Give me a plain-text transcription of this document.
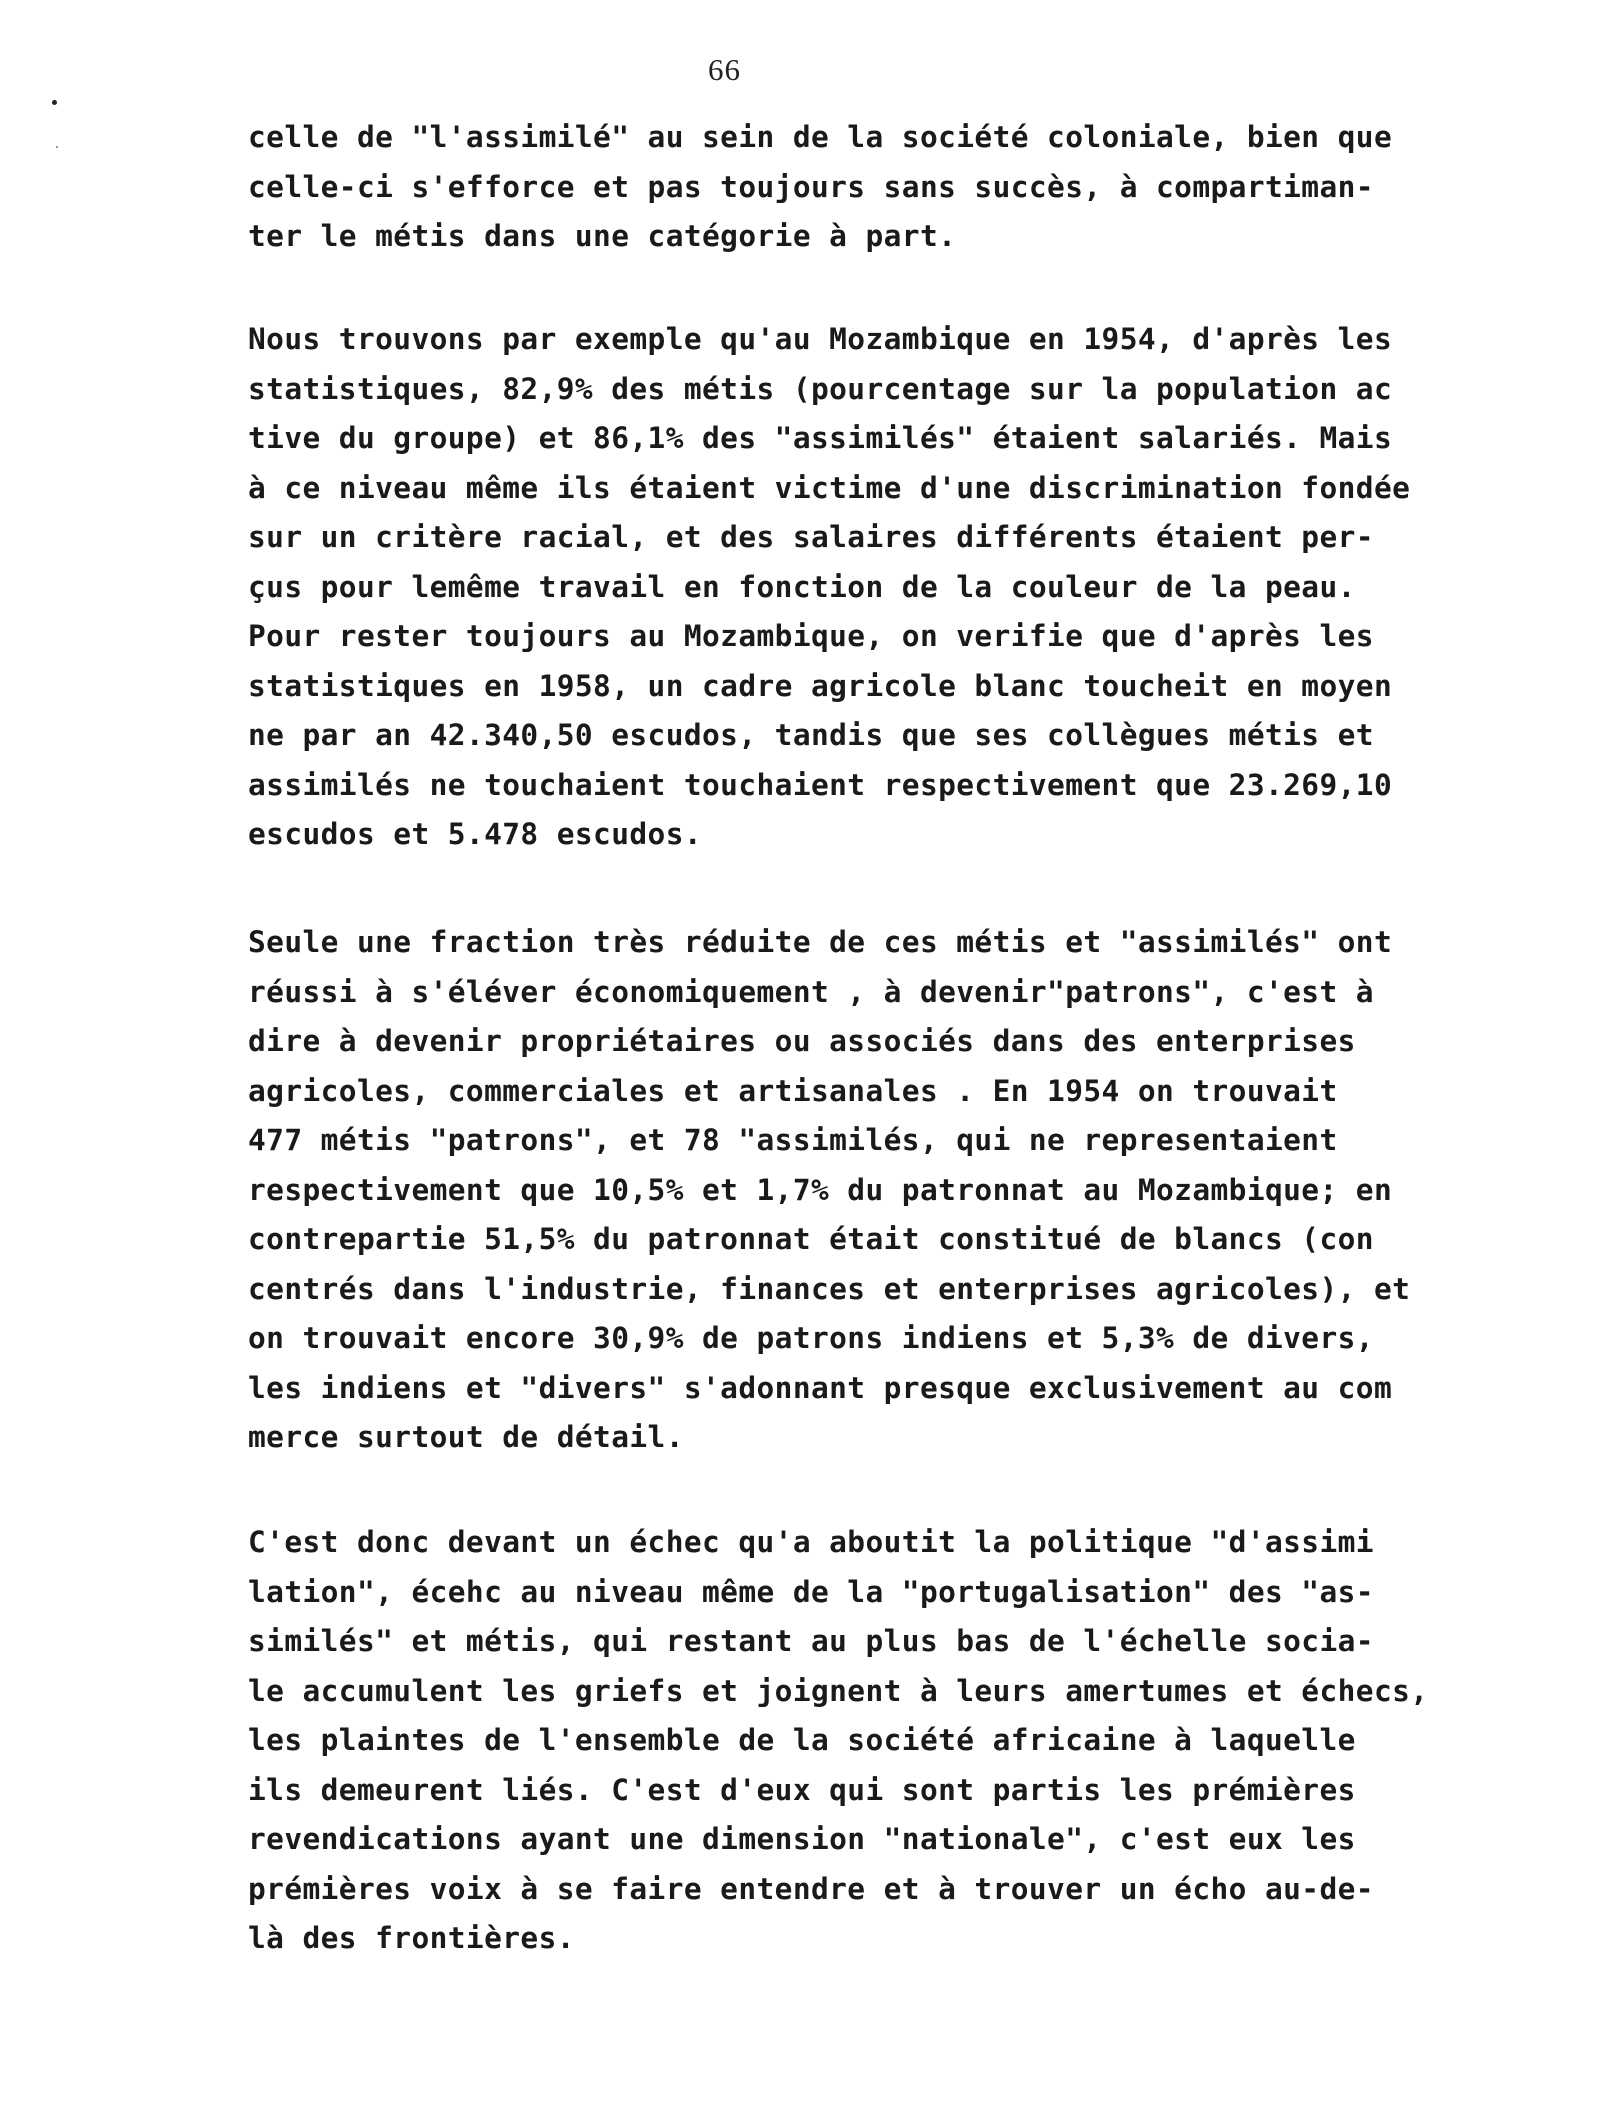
66
celle de "l'assimilé" au sein de la société coloniale, bien que
celle-ci s'efforce et pas toujours sans succès, à compartiman-
ter le métis dans une catégorie à part.
Nous trouvons par exemple qu'au Mozambique en 1954, d'après les
statistiques, 82,9% des métis (pourcentage sur la population ac
tive du groupe) et 86,1% des "assimilés" étaient salariés. Mais
à ce niveau même ils étaient victime d'une discrimination fondée
sur un critère racial, et des salaires différents étaient per-
çus pour lemême travail en fonction de la couleur de la peau.
Pour rester toujours au Mozambique, on verifie que d'après les
statistiques en 1958, un cadre agricole blanc toucheit en moyen
ne par an 42.340,50 escudos, tandis que ses collègues métis et
assimilés ne touchaient touchaient respectivement que 23.269,10
escudos et 5.478 escudos.
Seule une fraction très réduite de ces métis et "assimilés" ont
réussi à s'éléver économiquement , à devenir"patrons", c'est à
dire à devenir propriétaires ou associés dans des enterprises
agricoles, commerciales et artisanales . En 1954 on trouvait
477 métis "patrons", et 78 "assimilés, qui ne representaient
respectivement que 10,5% et 1,7% du patronnat au Mozambique; en
contrepartie 51,5% du patronnat était constitué de blancs (con
centrés dans l'industrie, finances et enterprises agricoles), et
on trouvait encore 30,9% de patrons indiens et 5,3% de divers,
les indiens et "divers" s'adonnant presque exclusivement au com
merce surtout de détail.
C'est donc devant un échec qu'a aboutit la politique "d'assimi
lation", écehc au niveau même de la "portugalisation" des "as-
similés" et métis, qui restant au plus bas de l'échelle socia-
le accumulent les griefs et joignent à leurs amertumes et échecs,
les plaintes de l'ensemble de la société africaine à laquelle
ils demeurent liés. C'est d'eux qui sont partis les prémières
revendications ayant une dimension "nationale", c'est eux les
prémières voix à se faire entendre et à trouver un écho au-de-
là des frontières.
